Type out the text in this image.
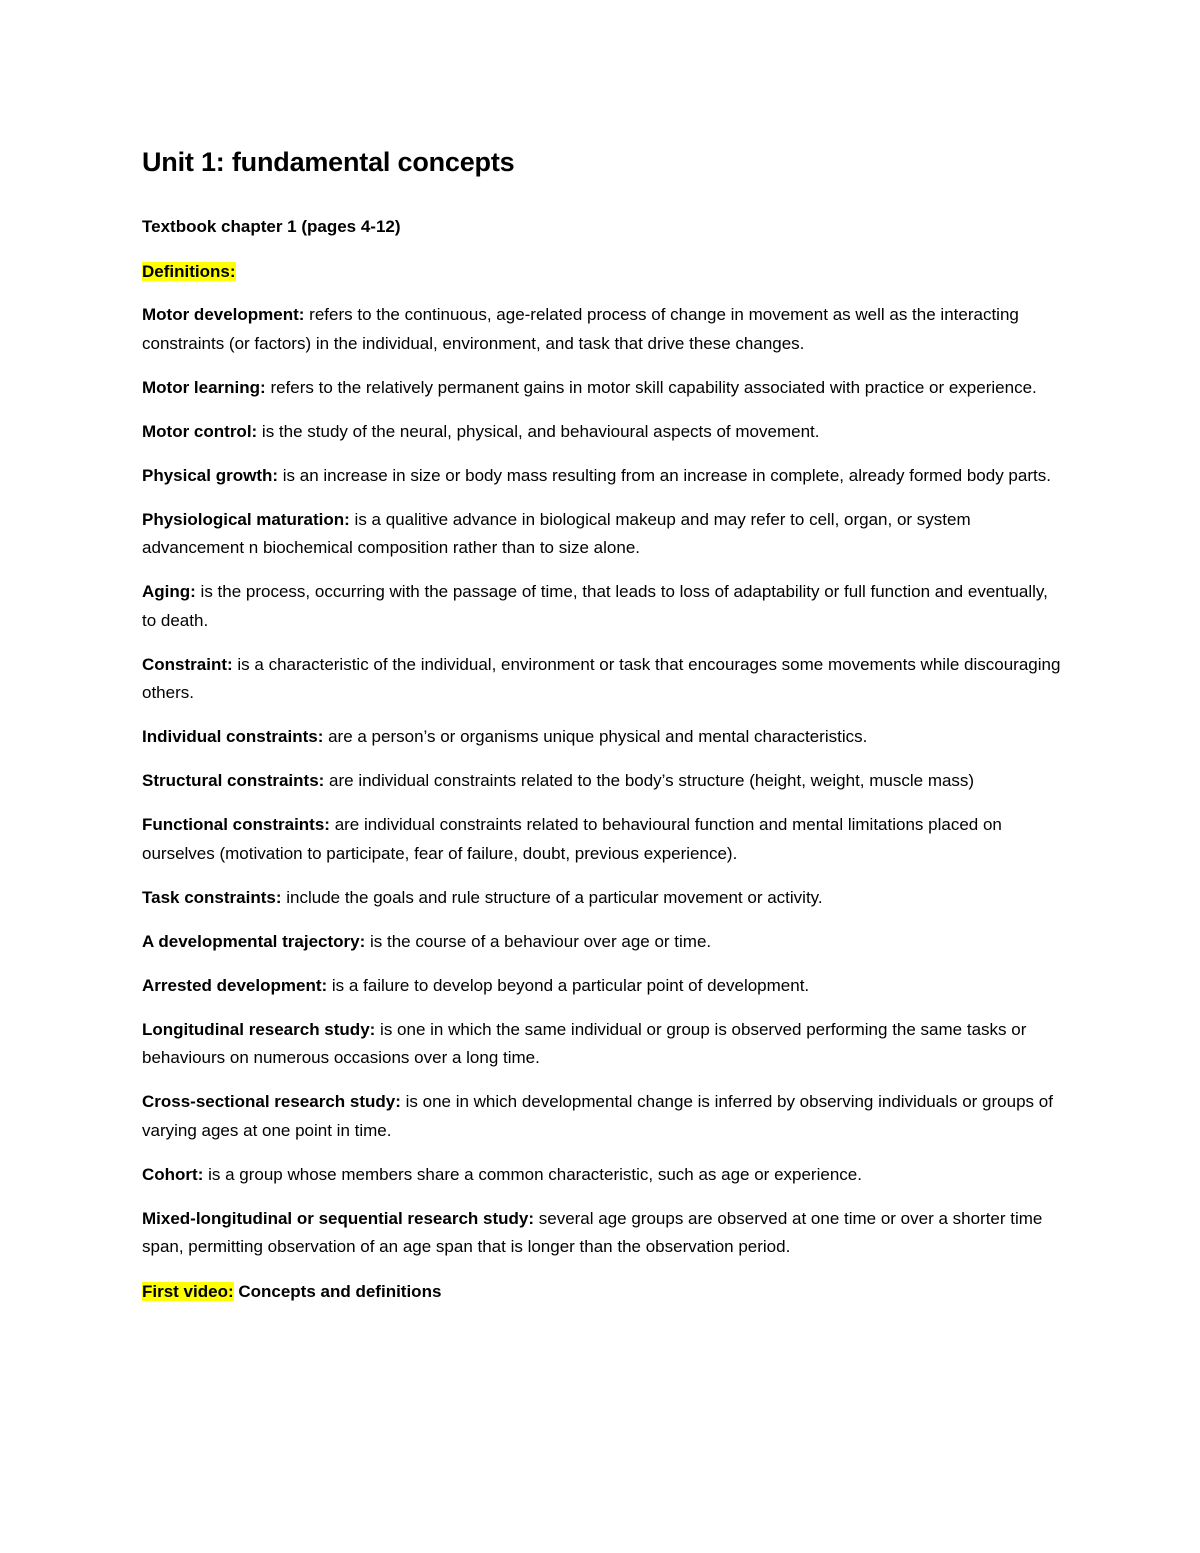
Unit 1: fundamental concepts

Textbook chapter 1 (pages 4-12)

Definitions:

Motor development: refers to the continuous, age-related process of change in movement as well as the interacting constraints (or factors) in the individual, environment, and task that drive these changes.

Motor learning: refers to the relatively permanent gains in motor skill capability associated with practice or experience.

Motor control: is the study of the neural, physical, and behavioural aspects of movement.

Physical growth: is an increase in size or body mass resulting from an increase in complete, already formed body parts.

Physiological maturation: is a qualitive advance in biological makeup and may refer to cell, organ, or system advancement n biochemical composition rather than to size alone.

Aging: is the process, occurring with the passage of time, that leads to loss of adaptability or full function and eventually, to death.

Constraint: is a characteristic of the individual, environment or task that encourages some movements while discouraging others.

Individual constraints: are a person’s or organisms unique physical and mental characteristics.

Structural constraints: are individual constraints related to the body’s structure (height, weight, muscle mass)

Functional constraints: are individual constraints related to behavioural function and mental limitations placed on ourselves (motivation to participate, fear of failure, doubt, previous experience).

Task constraints: include the goals and rule structure of a particular movement or activity.

A developmental trajectory: is the course of a behaviour over age or time.

Arrested development: is a failure to develop beyond a particular point of development.

Longitudinal research study: is one in which the same individual or group is observed performing the same tasks or behaviours on numerous occasions over a long time.

Cross-sectional research study: is one in which developmental change is inferred by observing individuals or groups of varying ages at one point in time.

Cohort: is a group whose members share a common characteristic, such as age or experience.

Mixed-longitudinal or sequential research study: several age groups are observed at one time or over a shorter time span, permitting observation of an age span that is longer than the observation period.

First video: Concepts and definitions
